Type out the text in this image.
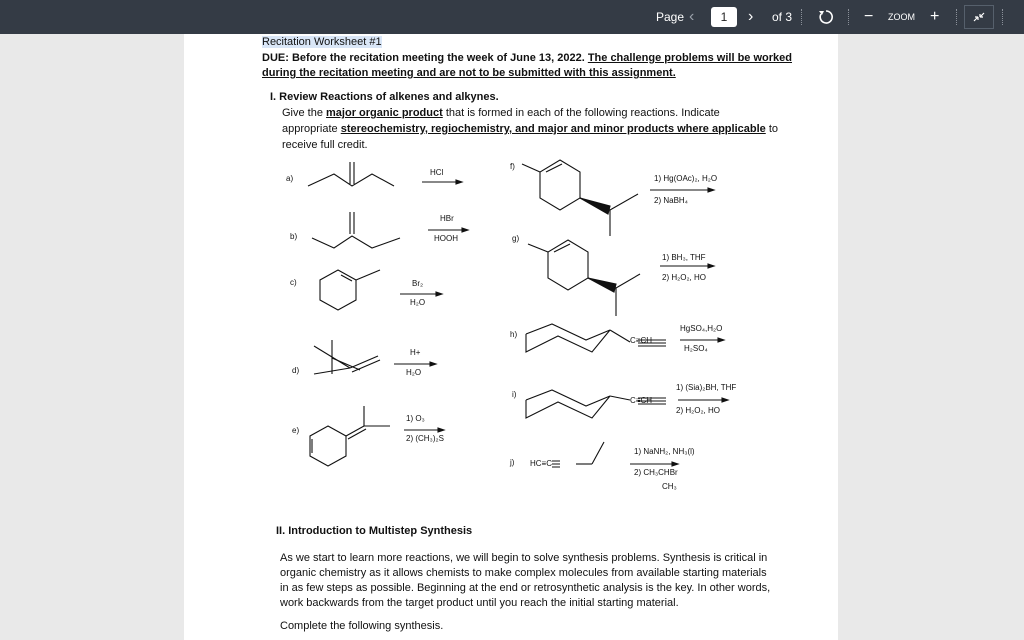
Page ‹	1	› of 3	− ZOOM +
Recitation Worksheet #1
DUE: Before the recitation meeting the week of June 13, 2022. The challenge problems will be worked
during the recitation meeting and are not to be submitted with this assignment.
I. Review Reactions of alkenes and alkynes.
Give the major organic product that is formed in each of the following reactions. Indicate
appropriate stereochemistry, regiochemistry, and major and minor products where applicable to
receive full credit.
a)
HCl
b)
HBr
HOOH
c)	Br₂
H₂O
d)
H+
H₂O
e)
1) O₃
2) (CH₃)₂S
f)
1) Hg(OAc)₂, H₂O
2) NaBH₄
g)
1) BH₃, THF
2) H₂O₂, HO
h)
C≡CH
HgSO₄,H₂O
H₂SO₄
i)
C≡CH
1) (Sia)₂BH, THF
2) H₂O₂, HO
j) HC≡C
1) NaNH₂, NH₃(l)
2) CH₃CHBr
CH₃
II. Introduction to Multistep Synthesis
As we start to learn more reactions, we will begin to solve synthesis problems. Synthesis is critical in
organic chemistry as it allows chemists to make complex molecules from available starting materials
in as few steps as possible. Beginning at the end or retrosynthetic analysis is the key. In other words,
work backwards from the target product until you reach the initial starting material.
Complete the following synthesis.
